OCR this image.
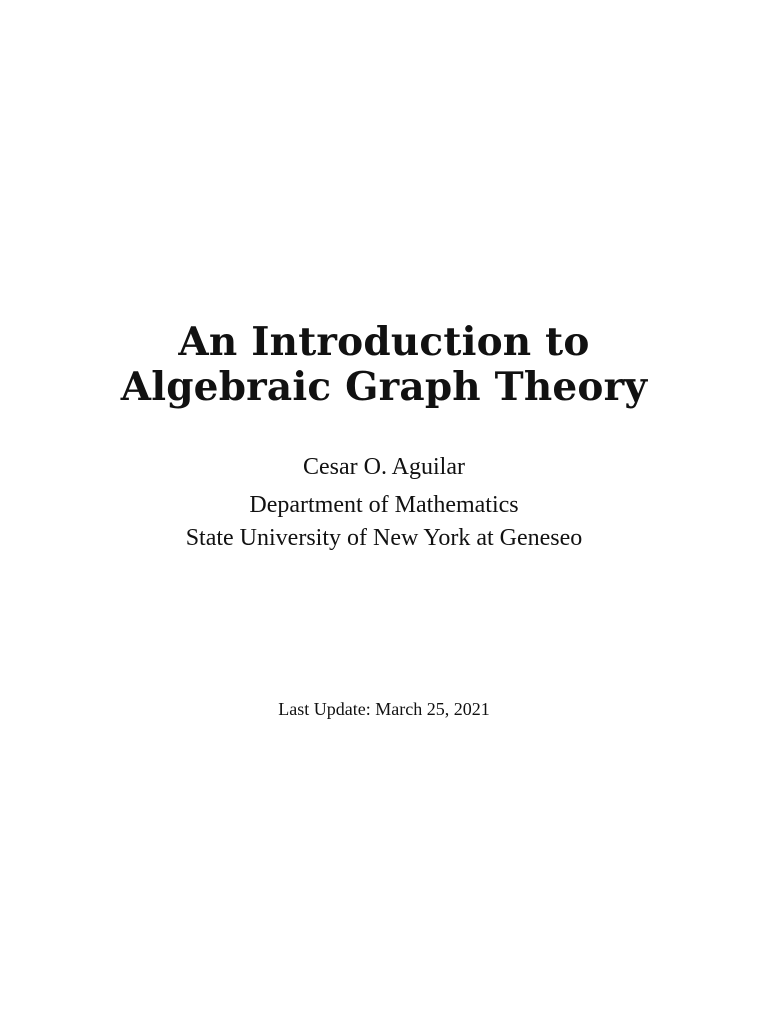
An Introduction to
Algebraic Graph Theory
Cesar O. Aguilar
Department of Mathematics
State University of New York at Geneseo
Last Update: March 25, 2021
